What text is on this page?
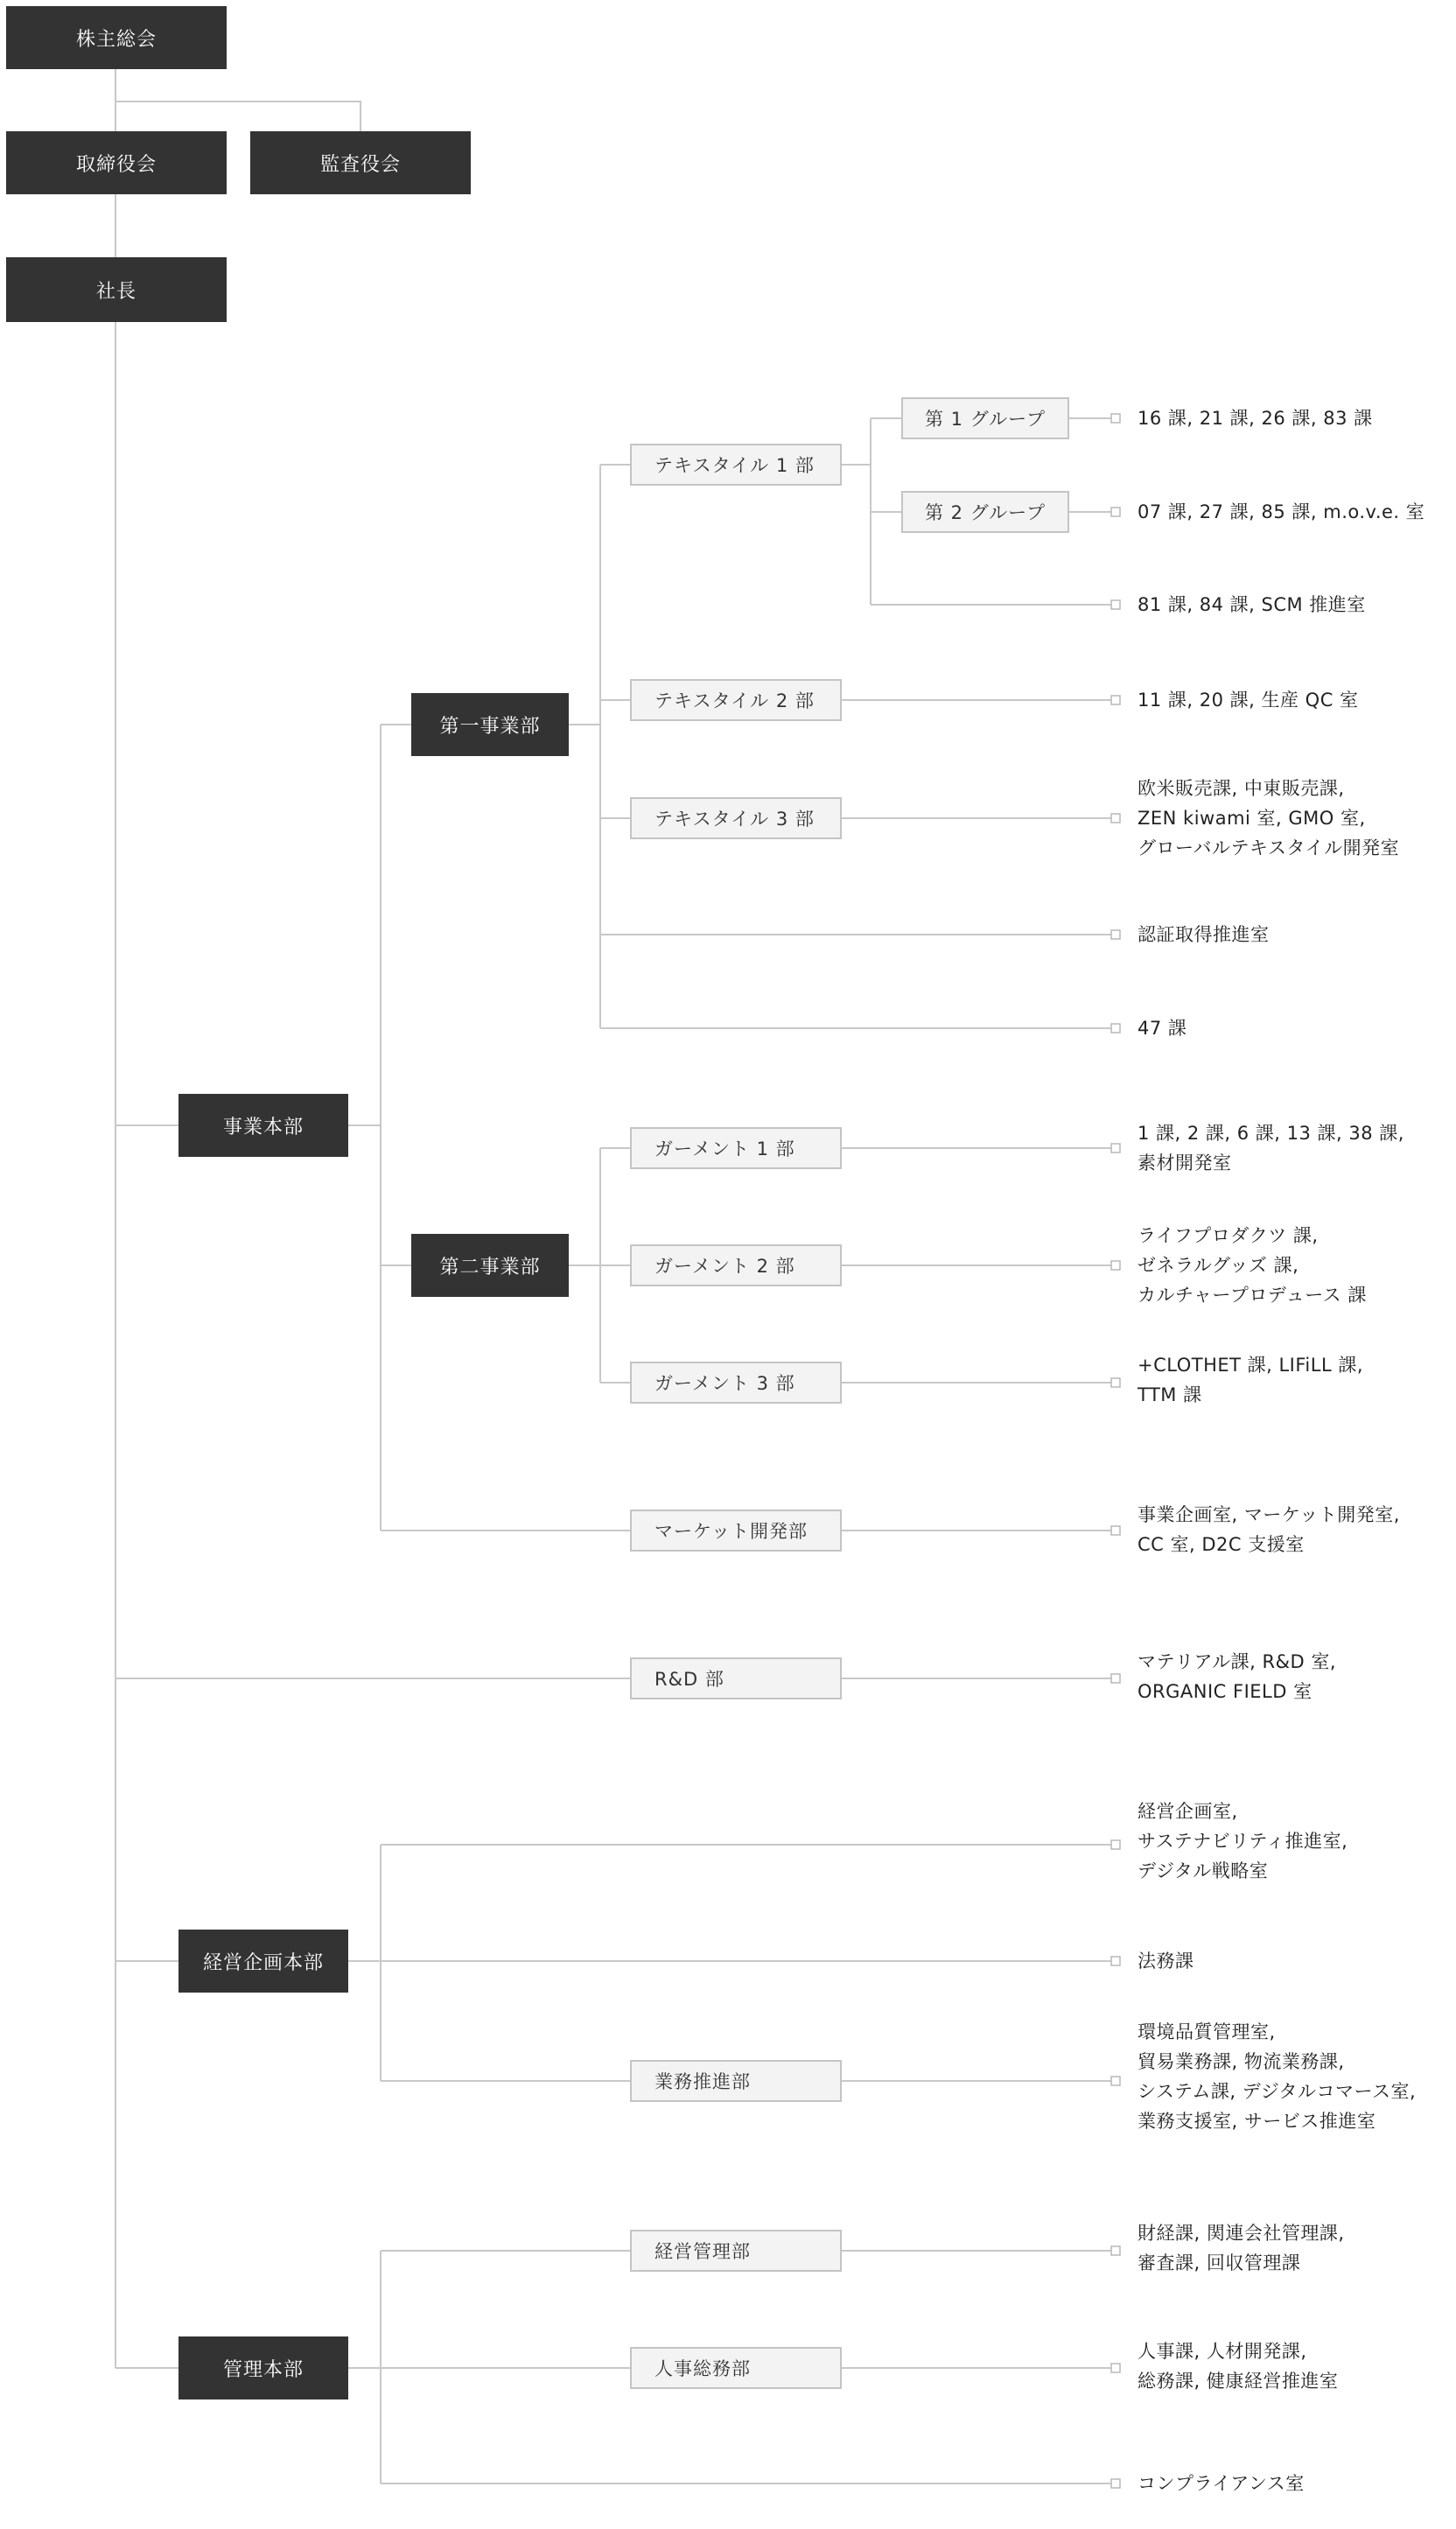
株主総会
取締役会	監査役会
社長
事業本部
経営企画本部
管理本部
第一事業部
第二事業部
テキスタイル 1 部
テキスタイル 2 部
テキスタイル 3 部
ガーメント 1 部
ガーメント 2 部
ガーメント 3 部
マーケット開発部
R&D 部
業務推進部
経営管理部
人事総務部
第 1 グループ
第 2 グループ
16 課, 21 課, 26 課, 83 課
07 課, 27 課, 85 課, m.o.v.e. 室
81 課, 84 課, SCM 推進室
11 課, 20 課, 生産 QC 室
欧米販売課, 中東販売課,
ZEN kiwami 室, GMO 室,
グローバルテキスタイル開発室
認証取得推進室
47 課
1 課, 2 課, 6 課, 13 課, 38 課,
素材開発室
ライフプロダクツ 課,
ゼネラルグッズ 課,
カルチャープロデュース 課
+CLOTHET 課, LIFiLL 課,
TTM 課
事業企画室, マーケット開発室,
CC 室, D2C 支援室
マテリアル課, R&D 室,
ORGANIC FIELD 室
経営企画室,
サステナビリティ推進室,
デジタル戦略室
法務課
環境品質管理室,
貿易業務課, 物流業務課,
システム課, デジタルコマース室,
業務支援室, サービス推進室
財経課, 関連会社管理課,
審査課, 回収管理課
人事課, 人材開発課,
総務課, 健康経営推進室
コンプライアンス室
